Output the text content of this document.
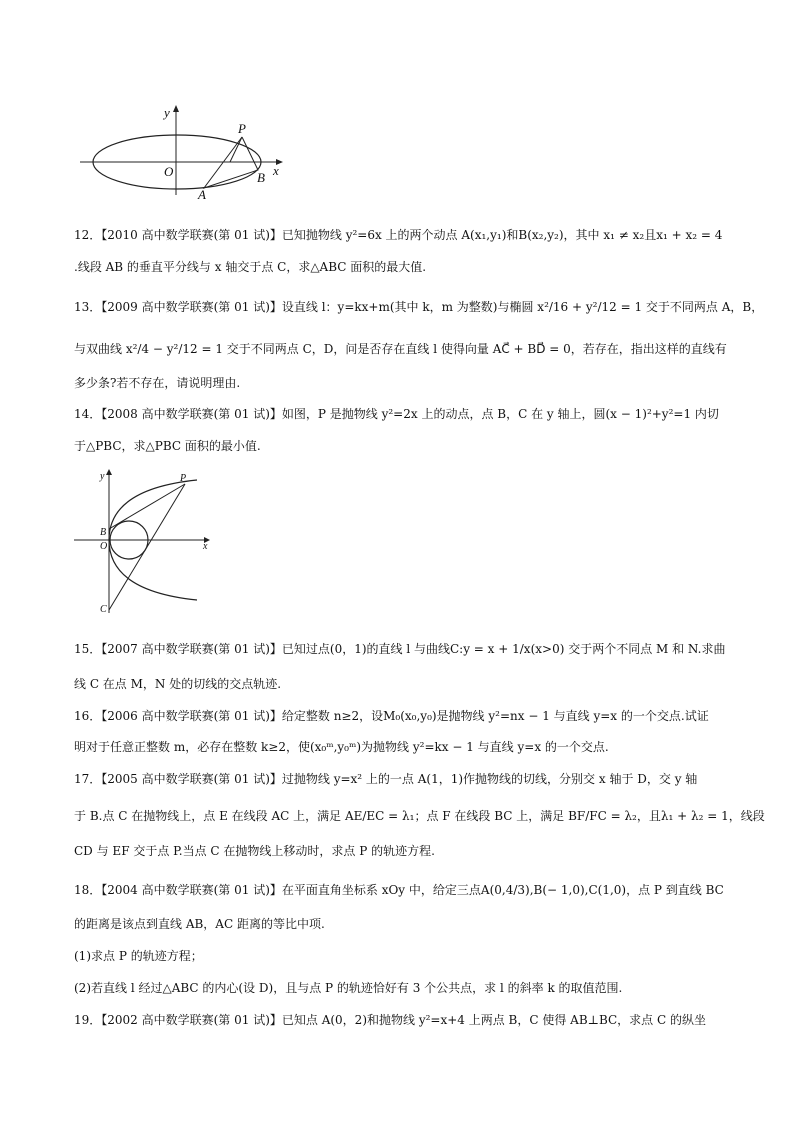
y
P
O	x
B
A
12．【2010 高中数学联赛(第 01 试)】已知抛物线 y²=6x 上的两个动点 A(x₁,y₁)和B(x₂,y₂)，其中 x₁ ≠ x₂且x₁ + x₂ = 4
.线段 AB 的垂直平分线与 x 轴交于点 C，求△ABC 面积的最大值.
13．【2009 高中数学联赛(第 01 试)】设直线 l：y=kx+m(其中 k，m 为整数)与椭圆 x²/16 + y²/12 = 1 交于不同两点 A，B，
与双曲线 x²/4 − y²/12 = 1 交于不同两点 C，D，问是否存在直线 l 使得向量 AC⃗ + BD⃗ = 0，若存在，指出这样的直线有
多少条?若不存在，请说明理由.
14．【2008 高中数学联赛(第 01 试)】如图，P 是抛物线 y²=2x 上的动点，点 B，C 在 y 轴上，圆(x − 1)²+y²=1 内切
于△PBC，求△PBC 面积的最小值.
y	P
B
O	x
C
15．【2007 高中数学联赛(第 01 试)】已知过点(0，1)的直线 l 与曲线C:y = x + 1/x(x>0) 交于两个不同点 M 和 N.求曲
线 C 在点 M，N 处的切线的交点轨迹.
16．【2006 高中数学联赛(第 01 试)】给定整数 n≥2，设M₀(x₀,y₀)是抛物线 y²=nx − 1 与直线 y=x 的一个交点.试证
明对于任意正整数 m，必存在整数 k≥2，使(x₀ᵐ,y₀ᵐ)为抛物线 y²=kx − 1 与直线 y=x 的一个交点.
17．【2005 高中数学联赛(第 01 试)】过抛物线 y=x² 上的一点 A(1，1)作抛物线的切线，分别交 x 轴于 D，交 y 轴
于 B.点 C 在抛物线上，点 E 在线段 AC 上，满足 AE/EC = λ₁；点 F 在线段 BC 上，满足 BF/FC = λ₂，且λ₁ + λ₂ = 1，线段
CD 与 EF 交于点 P.当点 C 在抛物线上移动时，求点 P 的轨迹方程.
18．【2004 高中数学联赛(第 01 试)】在平面直角坐标系 xOy 中，给定三点A(0,4/3),B(− 1,0),C(1,0)，点 P 到直线 BC
的距离是该点到直线 AB，AC 距离的等比中项.
(1)求点 P 的轨迹方程；
(2)若直线 l 经过△ABC 的内心(设 D)，且与点 P 的轨迹恰好有 3 个公共点，求 l 的斜率 k 的取值范围.
19．【2002 高中数学联赛(第 01 试)】已知点 A(0，2)和抛物线 y²=x+4 上两点 B，C 使得 AB⊥BC，求点 C 的纵坐
